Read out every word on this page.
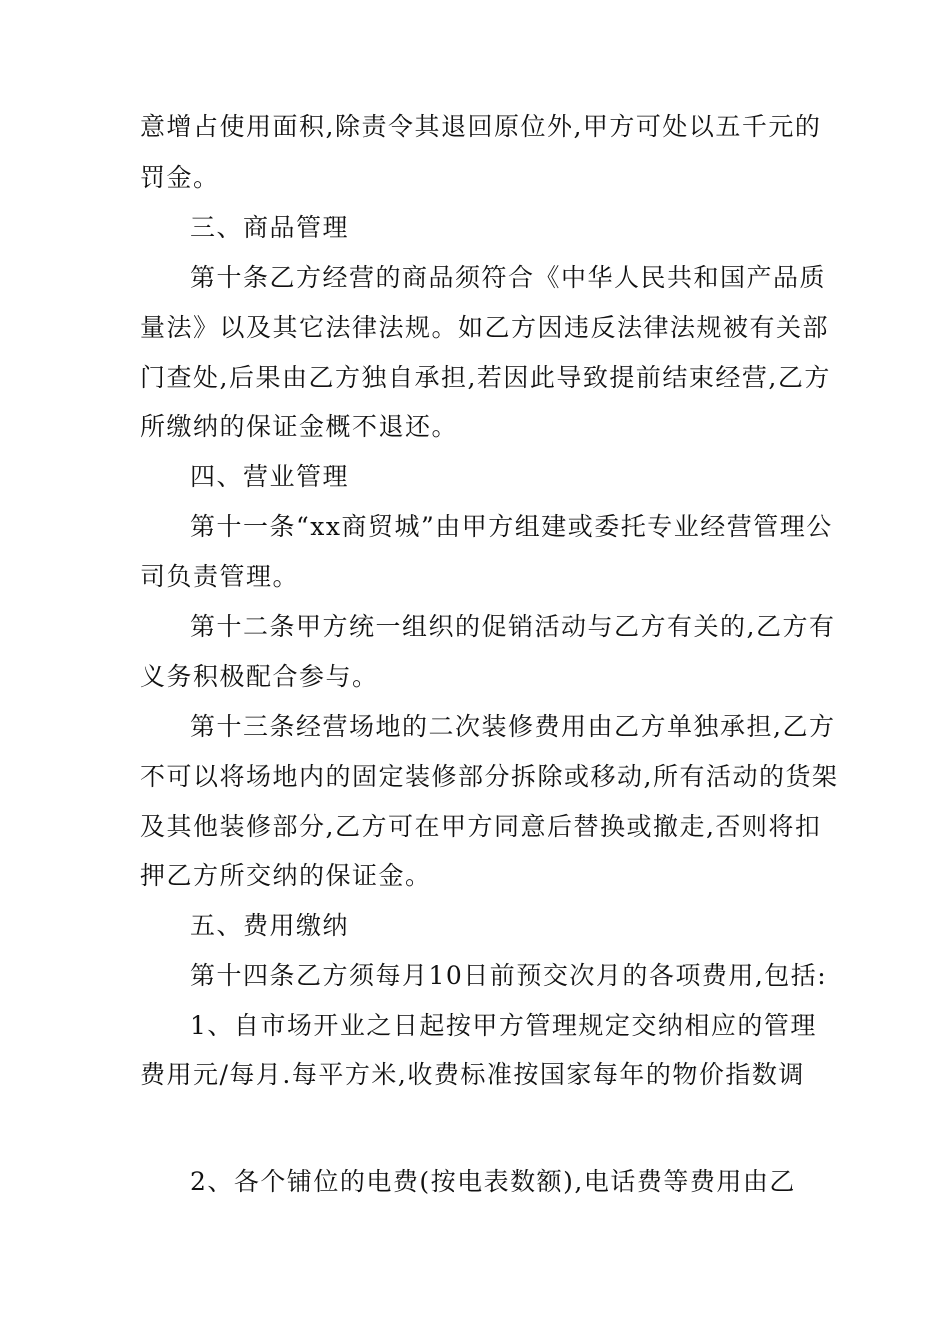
意增占使用面积,除责令其退回原位外,甲方可处以五千元的
罚金。
三、商品管理
第十条乙方经营的商品须符合《中华人民共和国产品质
量法》以及其它法律法规。如乙方因违反法律法规被有关部
门查处,后果由乙方独自承担,若因此导致提前结束经营,乙方
所缴纳的保证金概不退还。
四、营业管理
第十一条“xx商贸城”由甲方组建或委托专业经营管理公
司负责管理。
第十二条甲方统一组织的促销活动与乙方有关的,乙方有
义务积极配合参与。
第十三条经营场地的二次装修费用由乙方单独承担,乙方
不可以将场地内的固定装修部分拆除或移动,所有活动的货架
及其他装修部分,乙方可在甲方同意后替换或撤走,否则将扣
押乙方所交纳的保证金。
五、费用缴纳
第十四条乙方须每月10日前预交次月的各项费用,包括:
1、自市场开业之日起按甲方管理规定交纳相应的管理
费用元/每月.每平方米,收费标准按国家每年的物价指数调
2、各个铺位的电费(按电表数额),电话费等费用由乙
